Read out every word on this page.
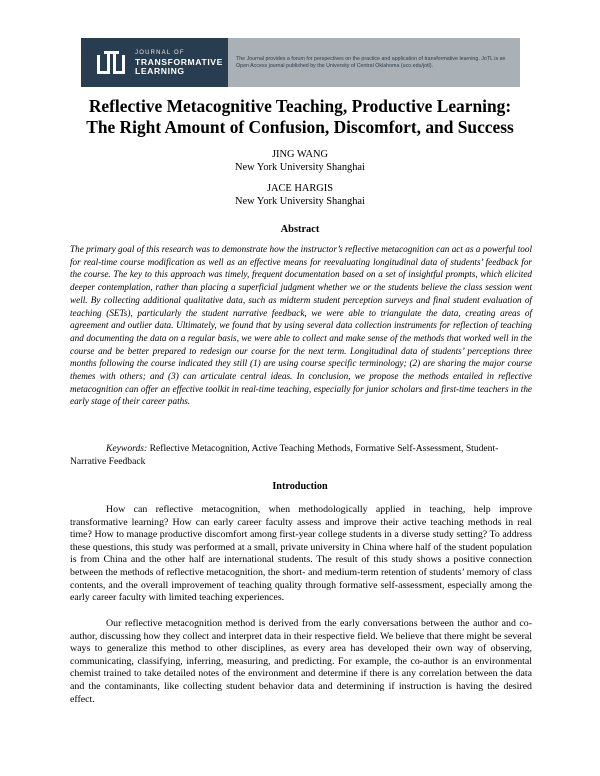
JOURNAL OF
TRANSFORMATIVE
LEARNING
The Journal provides a forum for perspectives on the practice and application of transformative learning. JoTL is an Open Access journal published by the University of Central Oklahoma (uco.edu/jotl).
Reflective Metacognitive Teaching, Productive Learning:
The Right Amount of Confusion, Discomfort, and Success
JING WANG
New York University Shanghai
JACE HARGIS
New York University Shanghai
Abstract
The primary goal of this research was to demonstrate how the instructor’s reflective metacognition can act as a powerful tool for real-time course modification as well as an effective means for reevaluating longitudinal data of students’ feedback for the course. The key to this approach was timely, frequent documentation based on a set of insightful prompts, which elicited deeper contemplation, rather than placing a superficial judgment whether we or the students believe the class session went well. By collecting additional qualitative data, such as midterm student perception surveys and final student evaluation of teaching (SETs), particularly the student narrative feedback, we were able to triangulate the data, creating areas of agreement and outlier data. Ultimately, we found that by using several data collection instruments for reflection of teaching and documenting the data on a regular basis, we were able to collect and make sense of the methods that worked well in the course and be better prepared to redesign our course for the next term. Longitudinal data of students’ perceptions three months following the course indicated they still (1) are using course specific terminology; (2) are sharing the major course themes with others; and (3) can articulate central ideas. In conclusion, we propose the methods entailed in reflective metacognition can offer an effective toolkit in real-time teaching, especially for junior scholars and first-time teachers in the early stage of their career paths.
Keywords: Reflective Metacognition, Active Teaching Methods, Formative Self-Assessment, Student-Narrative Feedback
Introduction
How can reflective metacognition, when methodologically applied in teaching, help improve transformative learning? How can early career faculty assess and improve their active teaching methods in real time? How to manage productive discomfort among first-year college students in a diverse study setting? To address these questions, this study was performed at a small, private university in China where half of the student population is from China and the other half are international students. The result of this study shows a positive connection between the methods of reflective metacognition, the short- and medium-term retention of students’ memory of class contents, and the overall improvement of teaching quality through formative self-assessment, especially among the early career faculty with limited teaching experiences.
Our reflective metacognition method is derived from the early conversations between the author and co-author, discussing how they collect and interpret data in their respective field. We believe that there might be several ways to generalize this method to other disciplines, as every area has developed their own way of observing, communicating, classifying, inferring, measuring, and predicting. For example, the co-author is an environmental chemist trained to take detailed notes of the environment and determine if there is any correlation between the data and the contaminants, like collecting student behavior data and determining if instruction is having the desired effect.
